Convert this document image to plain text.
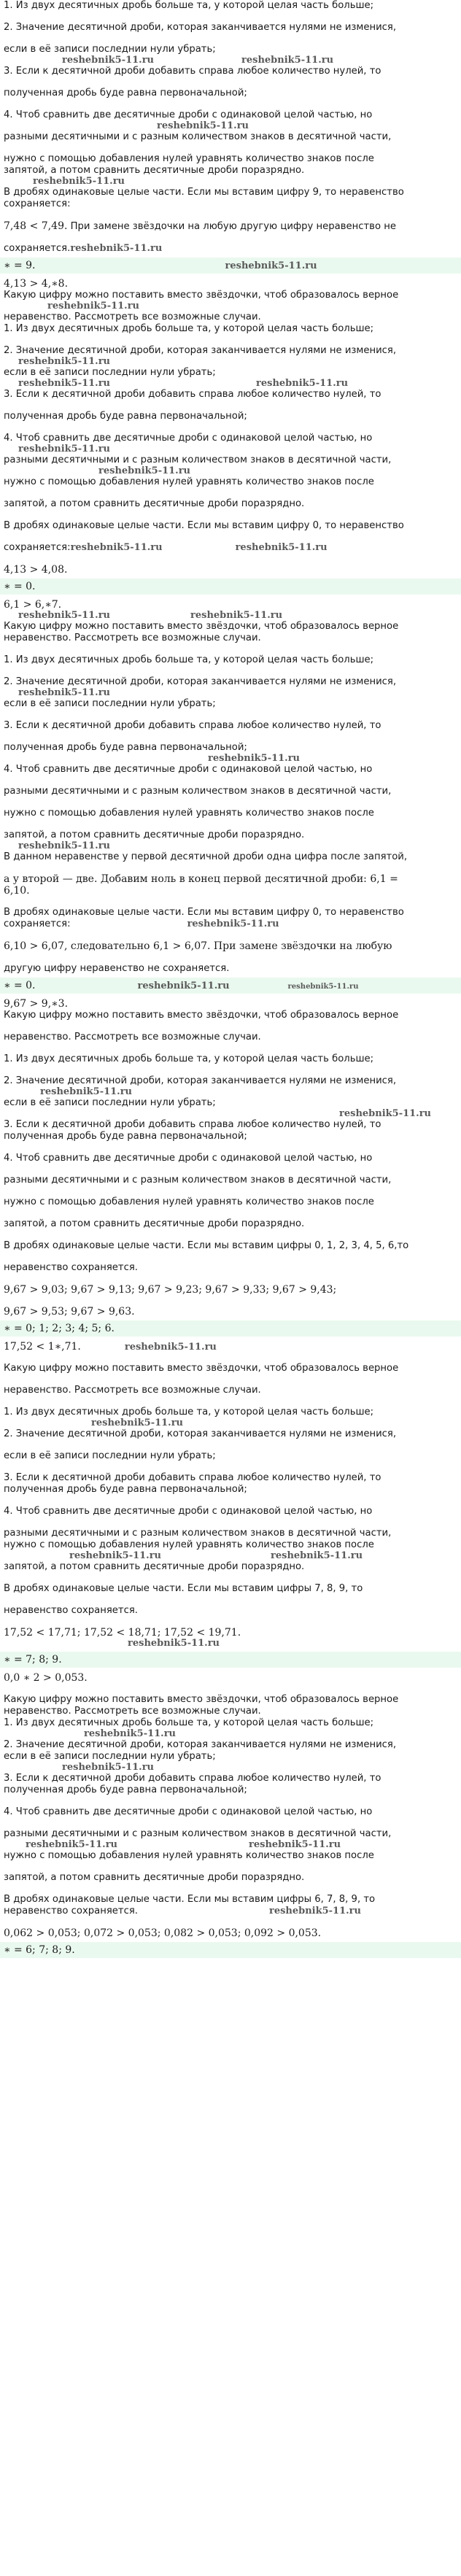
1. Из двух десятичных дробь больше та, у которой целая часть больше;
2. Значение десятичной дроби, которая заканчивается нулями не изменися,
если в её записи последнии нули убрать;
reshebnik5-11.ru	reshebnik5-11.ru
3. Если к десятичной дроби добавить справа любое количество нулей, то
полученная дробь буде равна первоначальной;
4. Чтоб сравнить две десятичные дроби с одинаковой целой частью, но
reshebnik5-11.ru
разными десятичными и с разным количеством знаков в десятичной части,
нужно с помощью добавления нулей уравнять количество знаков после
запятой, а потом сравнить десятичные дроби поразрядно.
reshebnik5-11.ru
В дробях одинаковые целые части. Если мы вставим цифру 9, то неравенство
сохраняется:
7,48 < 7,49. При замене звёздочки на любую другую цифру неравенство не
сохраняется.reshebnik5-11.ru
∗ = 9.	reshebnik5-11.ru
4,13 > 4,∗8.
Какую цифру можно поставить вместо звёздочки, чтоб образовалось верное
reshebnik5-11.ru
неравенство. Рассмотреть все возможные случаи.
1. Из двух десятичных дробь больше та, у которой целая часть больше;
2. Значение десятичной дроби, которая заканчивается нулями не изменися,
reshebnik5-11.ru
если в её записи последнии нули убрать;
reshebnik5-11.ru	reshebnik5-11.ru
3. Если к десятичной дроби добавить справа любое количество нулей, то
полученная дробь буде равна первоначальной;
4. Чтоб сравнить две десятичные дроби с одинаковой целой частью, но
reshebnik5-11.ru
разными десятичными и с разным количеством знаков в десятичной части,
reshebnik5-11.ru
нужно с помощью добавления нулей уравнять количество знаков после
запятой, а потом сравнить десятичные дроби поразрядно.
В дробях одинаковые целые части. Если мы вставим цифру 0, то неравенство
сохраняется:reshebnik5-11.ru	reshebnik5-11.ru
4,13 > 4,08.
∗ = 0.
6,1 > 6,∗7.
reshebnik5-11.ru	reshebnik5-11.ru
Какую цифру можно поставить вместо звёздочки, чтоб образовалось верное
неравенство. Рассмотреть все возможные случаи.
1. Из двух десятичных дробь больше та, у которой целая часть больше;
2. Значение десятичной дроби, которая заканчивается нулями не изменися,
reshebnik5-11.ru
если в её записи последнии нули убрать;
3. Если к десятичной дроби добавить справа любое количество нулей, то
полученная дробь буде равна первоначальной;
reshebnik5-11.ru
4. Чтоб сравнить две десятичные дроби с одинаковой целой частью, но
разными десятичными и с разным количеством знаков в десятичной части,
нужно с помощью добавления нулей уравнять количество знаков после
запятой, а потом сравнить десятичные дроби поразрядно.
reshebnik5-11.ru
В данном неравенстве у первой десятичной дроби одна цифра после запятой,
а у второй — две. Добавим ноль в конец первой десятичной дроби: 6,1 =
6,10.
В дробях одинаковые целые части. Если мы вставим цифру 0, то неравенство
сохраняется:	reshebnik5-11.ru
6,10 > 6,07, следовательно 6,1 > 6,07. При замене звёздочки на любую
другую цифру неравенство не сохраняется.
∗ = 0.	reshebnik5-11.ru	reshebnik5-11.ru
9,67 > 9,∗3.
Какую цифру можно поставить вместо звёздочки, чтоб образовалось верное
неравенство. Рассмотреть все возможные случаи.
1. Из двух десятичных дробь больше та, у которой целая часть больше;
2. Значение десятичной дроби, которая заканчивается нулями не изменися,
reshebnik5-11.ru
если в её записи последнии нули убрать;
reshebnik5-11.ru
3. Если к десятичной дроби добавить справа любое количество нулей, то
полученная дробь буде равна первоначальной;
4. Чтоб сравнить две десятичные дроби с одинаковой целой частью, но
разными десятичными и с разным количеством знаков в десятичной части,
нужно с помощью добавления нулей уравнять количество знаков после
запятой, а потом сравнить десятичные дроби поразрядно.
В дробях одинаковые целые части. Если мы вставим цифры 0, 1, 2, 3, 4, 5, 6,то
неравенство сохраняется.
9,67 > 9,03; 9,67 > 9,13; 9,67 > 9,23; 9,67 > 9,33; 9,67 > 9,43;
9,67 > 9,53; 9,67 > 9,63.
∗ = 0; 1; 2; 3; 4; 5; 6.
17,52 < 1∗,71.	reshebnik5-11.ru
Какую цифру можно поставить вместо звёздочки, чтоб образовалось верное
неравенство. Рассмотреть все возможные случаи.
1. Из двух десятичных дробь больше та, у которой целая часть больше;
reshebnik5-11.ru
2. Значение десятичной дроби, которая заканчивается нулями не изменися,
если в её записи последнии нули убрать;
3. Если к десятичной дроби добавить справа любое количество нулей, то
полученная дробь буде равна первоначальной;
4. Чтоб сравнить две десятичные дроби с одинаковой целой частью, но
разными десятичными и с разным количеством знаков в десятичной части,
нужно с помощью добавления нулей уравнять количество знаков после
reshebnik5-11.ru	reshebnik5-11.ru
запятой, а потом сравнить десятичные дроби поразрядно.
В дробях одинаковые целые части. Если мы вставим цифры 7, 8, 9, то
неравенство сохраняется.
17,52 < 17,71; 17,52 < 18,71; 17,52 < 19,71.
reshebnik5-11.ru
∗ = 7; 8; 9.
0,0 ∗ 2 > 0,053.
Какую цифру можно поставить вместо звёздочки, чтоб образовалось верное
неравенство. Рассмотреть все возможные случаи.
1. Из двух десятичных дробь больше та, у которой целая часть больше;
reshebnik5-11.ru
2. Значение десятичной дроби, которая заканчивается нулями не изменися,
если в её записи последнии нули убрать;
reshebnik5-11.ru
3. Если к десятичной дроби добавить справа любое количество нулей, то
полученная дробь буде равна первоначальной;
4. Чтоб сравнить две десятичные дроби с одинаковой целой частью, но
разными десятичными и с разным количеством знаков в десятичной части,
reshebnik5-11.ru	reshebnik5-11.ru
нужно с помощью добавления нулей уравнять количество знаков после
запятой, а потом сравнить десятичные дроби поразрядно.
В дробях одинаковые целые части. Если мы вставим цифры 6, 7, 8, 9, то
неравенство сохраняется.	reshebnik5-11.ru
0,062 > 0,053; 0,072 > 0,053; 0,082 > 0,053; 0,092 > 0,053.
∗ = 6; 7; 8; 9.
